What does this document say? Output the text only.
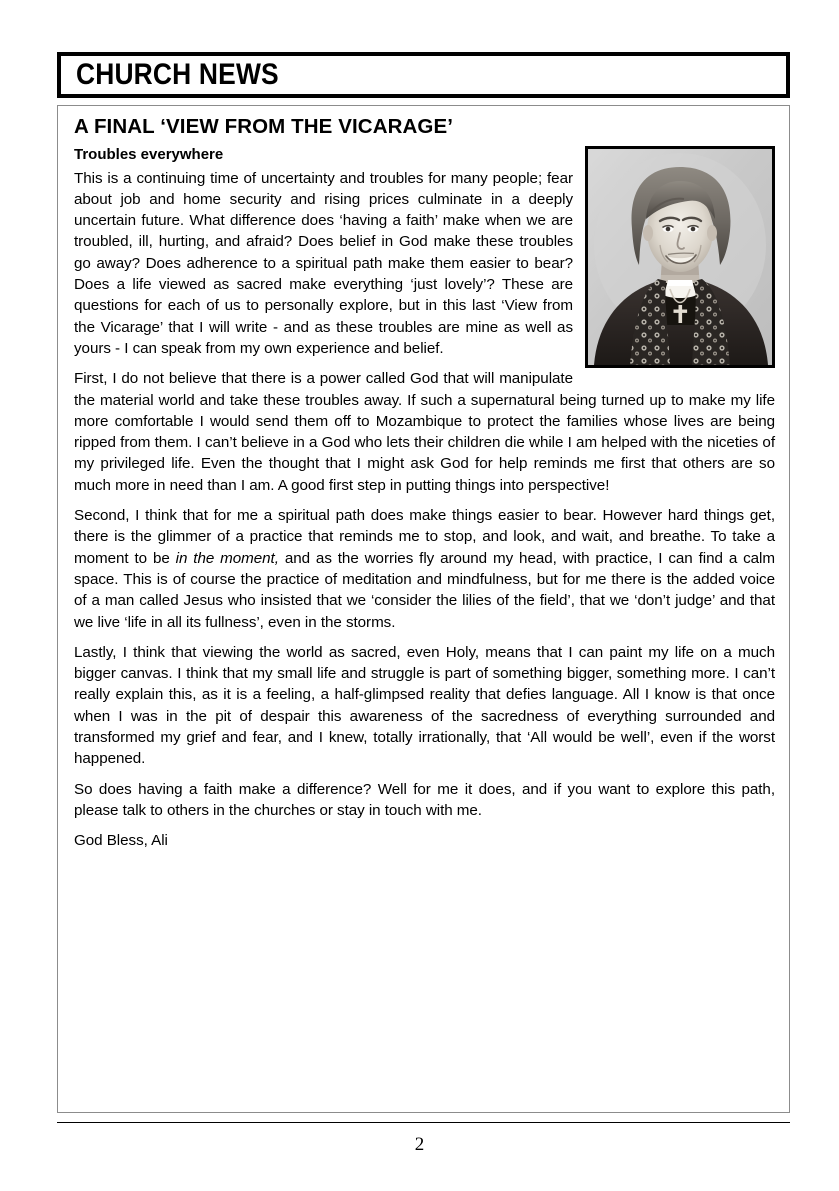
CHURCH NEWS
A FINAL ‘VIEW FROM THE VICARAGE’
Troubles everywhere

This is a continuing time of uncertainty and troubles for many people; fear about job and home security and rising prices culminate in a deeply uncertain future. What difference does ‘having a faith’ make when we are troubled, ill, hurting, and afraid? Does belief in God make these troubles go away? Does adherence to a spiritual path make them easier to bear? Does a life viewed as sacred make everything ‘just lovely’? These are questions for each of us to personally explore, but in this last ‘View from the Vicarage’ that I will write - and as these troubles are mine as well as yours - I can speak from my own experience and belief.

First, I do not believe that there is a power called God that will manipulate the material world and take these troubles away. If such a supernatural being turned up to make my life more comfortable I would send them off to Mozambique to protect the families whose lives are being ripped from them. I can’t believe in a God who lets their children die while I am helped with the niceties of my privileged life. Even the thought that I might ask God for help reminds me first that others are so much more in need than I am. A good first step in putting things into perspective!

Second, I think that for me a spiritual path does make things easier to bear. However hard things get, there is the glimmer of a practice that reminds me to stop, and look, and wait, and breathe. To take a moment to be in the moment, and as the worries fly around my head, with practice, I can find a calm space. This is of course the practice of meditation and mindfulness, but for me there is the added voice of a man called Jesus who insisted that we ‘consider the lilies of the field’, that we ‘don’t judge’ and that we live ‘life in all its fullness’, even in the storms.

Lastly, I think that viewing the world as sacred, even Holy, means that I can paint my life on a much bigger canvas. I think that my small life and struggle is part of something bigger, something more. I can’t really explain this, as it is a feeling, a half-glimpsed reality that defies language. All I know is that once when I was in the pit of despair this awareness of the sacredness of everything surrounded and transformed my grief and fear, and I knew, totally irrationally, that ‘All would be well’, even if the worst happened.

So does having a faith make a difference? Well for me it does, and if you want to explore this path, please talk to others in the churches or stay in touch with me.

God Bless, Ali

2
